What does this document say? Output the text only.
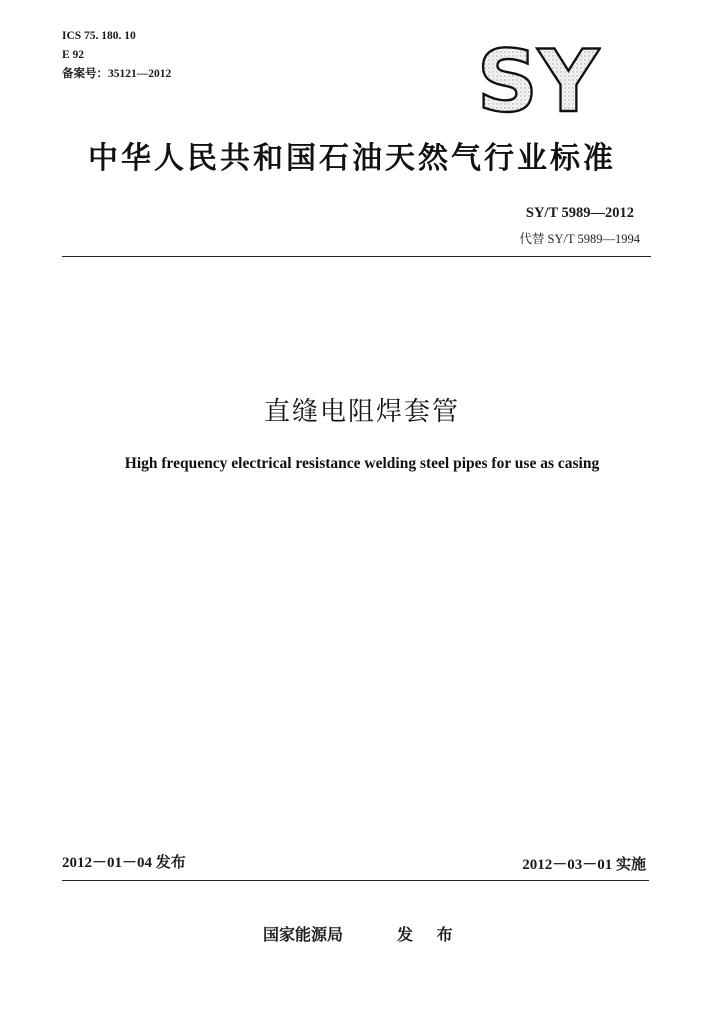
ICS 75. 180. 10
E 92
备案号：35121—2012	SY
中华人民共和国石油天然气行业标准
SY/T 5989—2012
代替 SY/T 5989—1994
直缝电阻焊套管
High frequency electrical resistance welding steel pipes for use as casing
2012－01－04 发布	2012－03－01 实施
国家能源局	发 布
